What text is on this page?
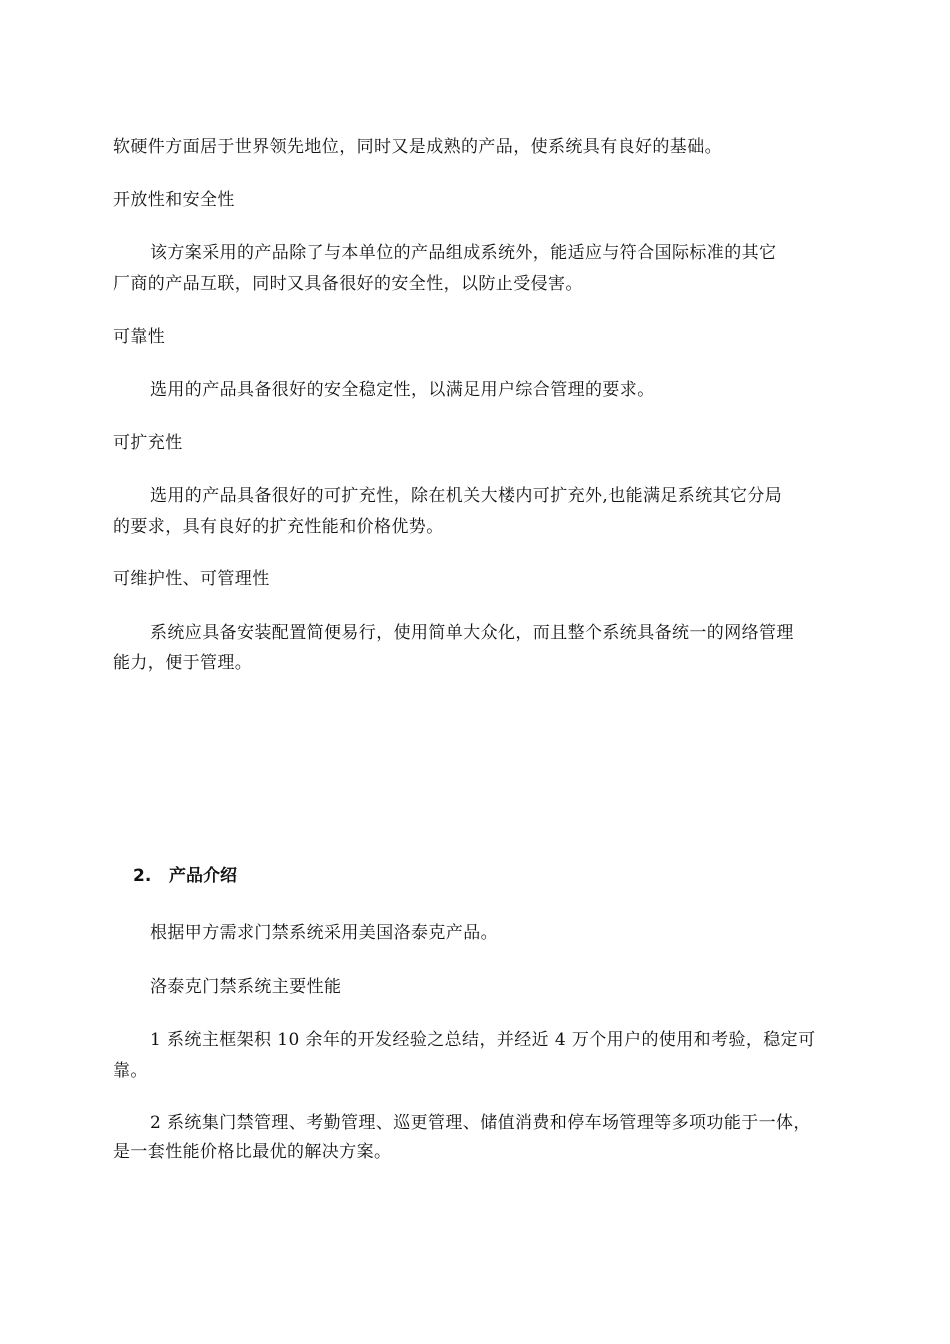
软硬件方面居于世界领先地位，同时又是成熟的产品，使系统具有良好的基础。
开放性和安全性
该方案采用的产品除了与本单位的产品组成系统外，能适应与符合国际标准的其它
厂商的产品互联，同时又具备很好的安全性，以防止受侵害。
可靠性
选用的产品具备很好的安全稳定性，以满足用户综合管理的要求。
可扩充性
选用的产品具备很好的可扩充性，除在机关大楼内可扩充外,也能满足系统其它分局
的要求，具有良好的扩充性能和价格优势。
可维护性、可管理性
系统应具备安装配置简便易行，使用简单大众化，而且整个系统具备统一的网络管理
能力，便于管理。
2. 产品介绍
根据甲方需求门禁系统采用美国洛泰克产品。
洛泰克门禁系统主要性能
1 系统主框架积 10 余年的开发经验之总结，并经近 4 万个用户的使用和考验，稳定可
靠。
2 系统集门禁管理、考勤管理、巡更管理、储值消费和停车场管理等多项功能于一体，
是一套性能价格比最优的解决方案。
